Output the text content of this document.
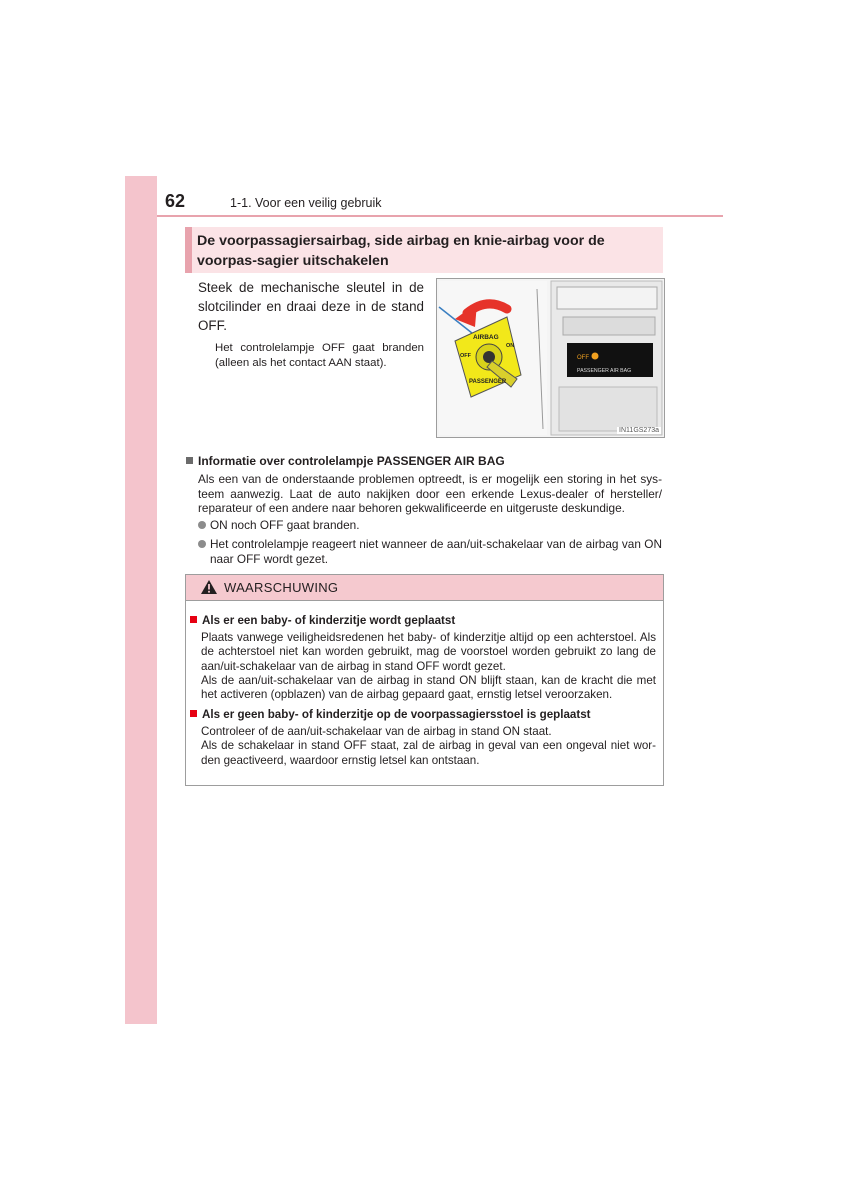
62	1-1. Voor een veilig gebruik
De voorpassagiersairbag, side airbag en knie-airbag voor de voorpas-sagier uitschakelen
Steek de mechanische sleutel in de slotcilinder en draai deze in de stand OFF.
Het controlelampje OFF gaat branden (alleen als het contact AAN staat).
AIRBAG
OFF
ON
PASSENGER
OFF
PASSENGER AIR BAG
IN11GS273a
Informatie over controlelampje PASSENGER AIR BAG
Als een van de onderstaande problemen optreedt, is er mogelijk een storing in het sys-teem aanwezig. Laat de auto nakijken door een erkende Lexus-dealer of hersteller/ reparateur of een andere naar behoren gekwalificeerde en uitgeruste deskundige.
ON noch OFF gaat branden.
Het controlelampje reageert niet wanneer de aan/uit-schakelaar van de airbag van ON naar OFF wordt gezet.
WAARSCHUWING
Als er een baby- of kinderzitje wordt geplaatst
Plaats vanwege veiligheidsredenen het baby- of kinderzitje altijd op een achterstoel. Als de achterstoel niet kan worden gebruikt, mag de voorstoel worden gebruikt zo lang de aan/uit-schakelaar van de airbag in stand OFF wordt gezet.
Als de aan/uit-schakelaar van de airbag in stand ON blijft staan, kan de kracht die met het activeren (opblazen) van de airbag gepaard gaat, ernstig letsel veroorzaken.
Als er geen baby- of kinderzitje op de voorpassagiersstoel is geplaatst
Controleer of de aan/uit-schakelaar van de airbag in stand ON staat.
Als de schakelaar in stand OFF staat, zal de airbag in geval van een ongeval niet wor-den geactiveerd, waardoor ernstig letsel kan ontstaan.
